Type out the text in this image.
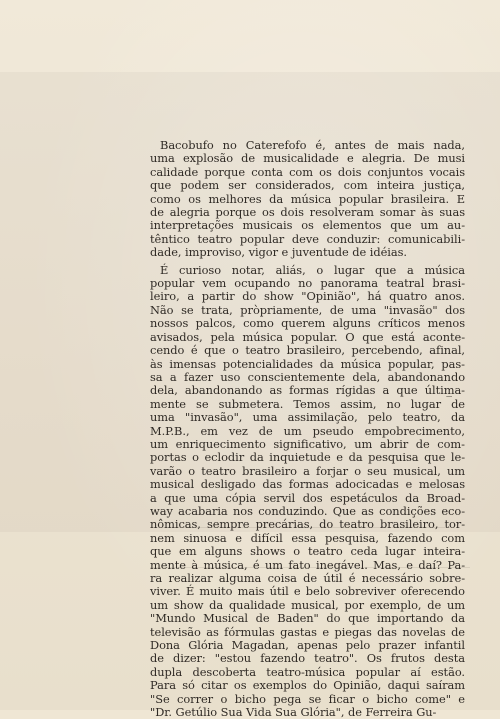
Bacobufo no Caterefofo é, antes de mais nada,
uma explosão de musicalidade e alegria. De musi
calidade porque conta com os dois conjuntos vocais
que podem ser considerados, com inteira justiça,
como os melhores da música popular brasileira. E
de alegria porque os dois resolveram somar às suas
interpretações musicais os elementos que um au-
têntico teatro popular deve conduzir: comunicabili-
dade, improviso, vigor e juventude de idéias.
É curioso notar, aliás, o lugar que a música
popular vem ocupando no panorama teatral brasi-
leiro, a partir do show "Opinião", há quatro anos.
Não se trata, pròpriamente, de uma "invasão" dos
nossos palcos, como querem alguns críticos menos
avisados, pela música popular. O que está aconte-
cendo é que o teatro brasileiro, percebendo, afinal,
às imensas potencialidades da música popular, pas-
sa a fazer uso conscientemente dela, abandonando
dela, abandonando as formas rígidas a que últim̲a-
mente se submetera. Temos assim, no lugar de
uma "invasão", uma assimilação, pelo teatro, da
M.P.B., em vez de um pseudo empobrecimento,
um enriquecimento significativo, um abrir de com-
portas o eclodir da inquietude e da pesquisa que le-
varão o teatro brasileiro a forjar o seu musical, um
musical desligado das formas adocicadas e melosas
a que uma cópia servil dos espetáculos da Broad-
way acabaria nos conduzindo. Que as condições eco-
nômicas, sempre precárias, do teatro brasileiro, tor-
nem sinuosa e difícil essa pesquisa, fazendo com
que em alguns shows o teatro ceda lugar inteira-
mente à música, é um fato inegável. Mas, e daí? Pa-
ra realizar alguma coisa de útil é necessário sobre-
viver. É muito mais útil e belo sobreviver oferecendo
um show da qualidade musical, por exemplo, de um
"Mundo Musical de Baden" do que importando da
televisão as fórmulas gastas e piegas das novelas de
Dona Glória Magadan, apenas pelo prazer infantil
de dizer: "estou fazendo teatro". Os frutos desta
dupla descoberta teatro-música popular aí estão.
Para só citar os exemplos do Opinião, daqui saíram
"Se correr o bicho pega se ficar o bicho come" e
"Dr. Getúlio Sua Vida Sua Glória", de Ferreira Gu-
